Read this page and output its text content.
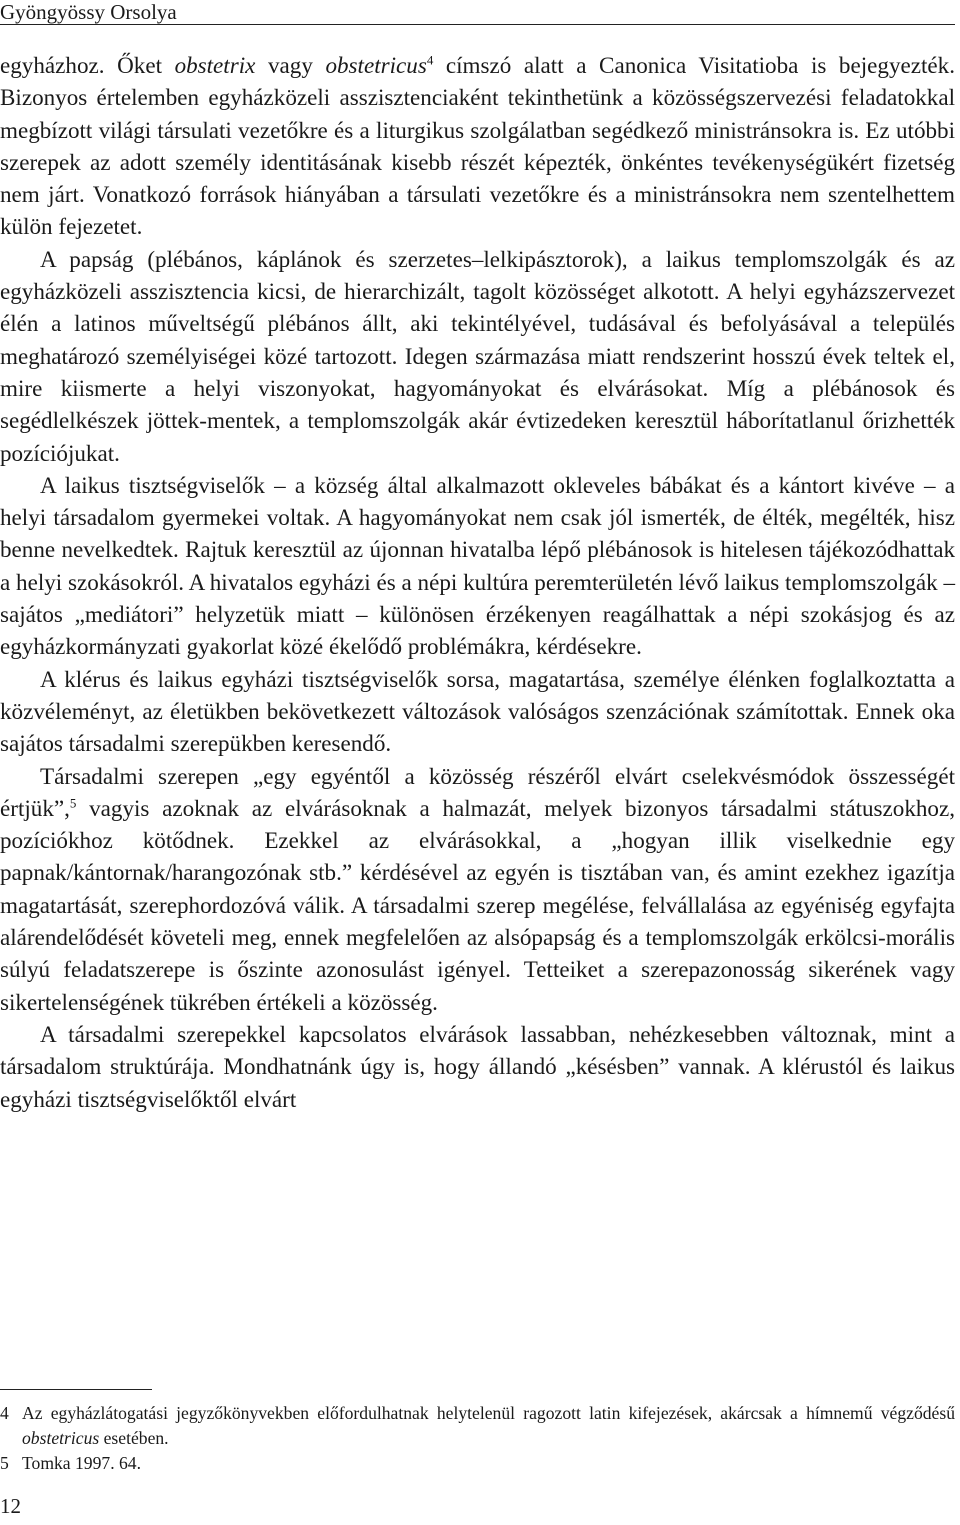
Gyöngyössy Orsolya

egyházhoz. Őket obstetrix vagy obstetricus$^4$ címszó alatt a Canonica Visitatioba is bejegyezték. Bizonyos értelemben egyházközeli asszisztenciaként tekinthetünk a közösségszervezési feladatokkal megbízott világi társulati vezetőkre és a liturgikus szolgálatban segédkező ministránsokra is. Ez utóbbi szerepek az adott személy identitásának kisebb részét képezték, önkéntes tevékenységükért fizetség nem járt. Vonatkozó források hiányában a társulati vezetőkre és a ministránsokra nem szentelhettem külön fejezetet.

A papság (plébános, káplánok és szerzetes–lelkipásztorok), a laikus templomszolgák és az egyházközeli asszisztencia kicsi, de hierarchizált, tagolt közösséget alkotott. A helyi egyházszervezet élén a latinos műveltségű plébános állt, aki tekintélyével, tudásával és befolyásával a település meghatározó személyiségei közé tartozott. Idegen származása miatt rendszerint hosszú évek teltek el, mire kiismerte a helyi viszonyokat, hagyományokat és elvárásokat. Míg a plébánosok és segédlelkészek jöttek-mentek, a templomszolgák akár évtizedeken keresztül háborítatlanul őrizhették pozíciójukat.

A laikus tisztségviselők – a község által alkalmazott okleveles bábákat és a kántort kivéve – a helyi társadalom gyermekei voltak. A hagyományokat nem csak jól ismerték, de élték, megélték, hisz benne nevelkedtek. Rajtuk keresztül az újonnan hivatalba lépő plébánosok is hitelesen tájékozódhattak a helyi szokásokról. A hivatalos egyházi és a népi kultúra peremterületén lévő laikus templomszolgák – sajátos „mediátori” helyzetük miatt – különösen érzékenyen reagálhattak a népi szokásjog és az egyházkormányzati gyakorlat közé ékelődő problémákra, kérdésekre.

A klérus és laikus egyházi tisztségviselők sorsa, magatartása, személye élénken foglalkoztatta a közvéleményt, az életükben bekövetkezett változások valóságos szenzációnak számítottak. Ennek oka sajátos társadalmi szerepükben keresendő.

Társadalmi szerepen „egy egyéntől a közösség részéről elvárt cselekvésmódok összességét értjük”,$^5$ vagyis azoknak az elvárásoknak a halmazát, melyek bizonyos társadalmi státuszokhoz, pozíciókhoz kötődnek. Ezekkel az elvárásokkal, a „hogyan illik viselkednie egy papnak/kántornak/harangozónak stb.” kérdésével az egyén is tisztában van, és amint ezekhez igazítja magatartását, szerephordozóvá válik. A társadalmi szerep megélése, felvállalása az egyéniség egyfajta alárendelődését követeli meg, ennek megfelelően az alsópapság és a templomszolgák erkölcsi-morális súlyú feladatszerepe is őszinte azonosulást igényel. Tetteiket a szerepazonosság sikerének vagy sikertelenségének tükrében értékeli a közösség.

A társadalmi szerepekkel kapcsolatos elvárások lassabban, nehézkesebben változnak, mint a társadalom struktúrája. Mondhatnánk úgy is, hogy állandó „késésben” vannak. A klérustól és laikus egyházi tisztségviselőktől elvárt

4 Az egyházlátogatási jegyzőkönyvekben előfordulhatnak helytelenül ragozott latin kifejezések, akárcsak a hímnemű végződésű obstetricus esetében.
5 Tomka 1997. 64.
12
